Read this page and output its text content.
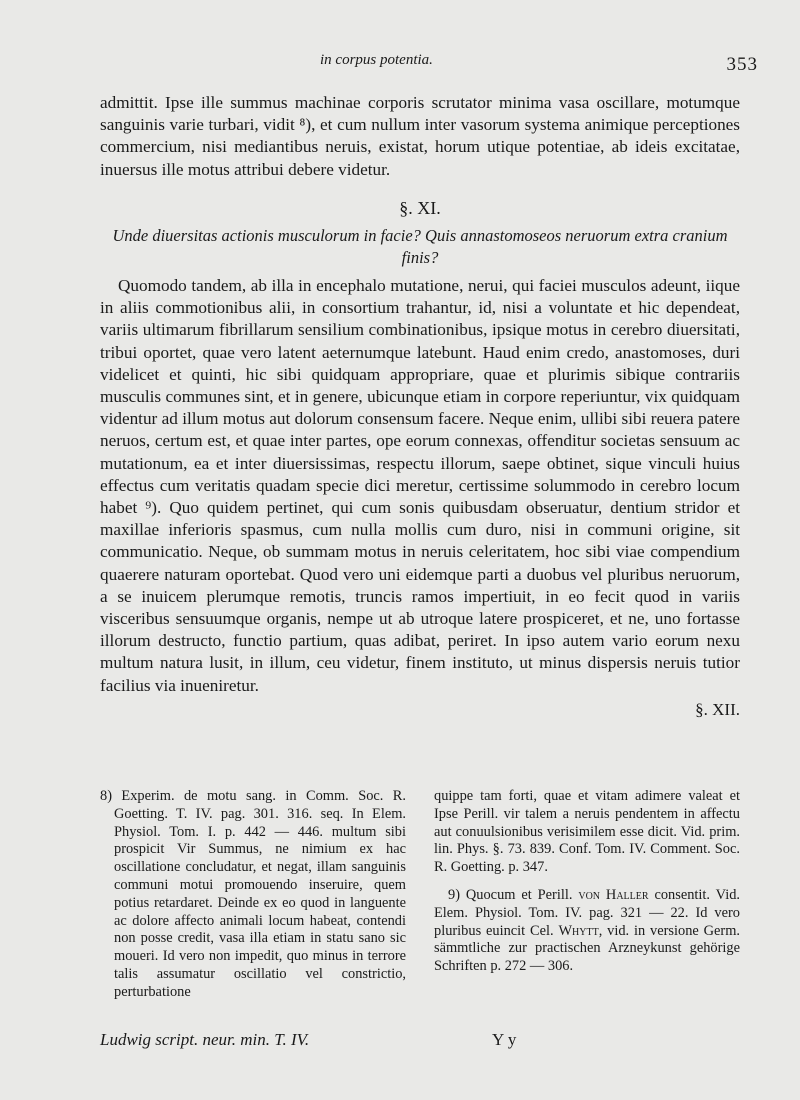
in corpus potentia.	353

admittit. Ipse ille summus machinae corporis scrutator minima vasa oscillare, motumque sanguinis varie turbari, vidit ⁸), et cum nullum inter vasorum systema animique perceptiones commercium, nisi mediantibus neruis, existat, horum utique potentiae, ab ideis excitatae, inuersus ille motus attribui debere videtur.

§. XI.
Unde diuersitas actionis musculorum in facie? Quis annastomoseos neruorum extra cranium finis?

Quomodo tandem, ab illa in encephalo mutatione, nerui, qui faciei musculos adeunt, iique in aliis commotionibus alii, in consortium trahantur, id, nisi a voluntate et hic dependeat, variis ultimarum fibrillarum sensilium combinationibus, ipsique motus in cerebro diuersitati, tribui oportet, quae vero latent aeternumque latebunt. Haud enim credo, anastomoses, duri videlicet et quinti, hic sibi quidquam appropriare, quae et plurimis sibique contrariis musculis communes sint, et in genere, ubicunque etiam in corpore reperiuntur, vix quidquam videntur ad illum motus aut dolorum consensum facere. Neque enim, ullibi sibi reuera patere neruos, certum est, et quae inter partes, ope eorum connexas, offenditur societas sensuum ac mutationum, ea et inter diuersissimas, respectu illorum, saepe obtinet, sique vinculi huius effectus cum veritatis quadam specie dici meretur, certissime solummodo in cerebro locum habet ⁹). Quo quidem pertinet, qui cum sonis quibusdam obseruatur, dentium stridor et maxillae inferioris spasmus, cum nulla mollis cum duro, nisi in communi origine, sit communicatio. Neque, ob summam motus in neruis celeritatem, hoc sibi viae compendium quaerere naturam oportebat. Quod vero uni eidemque parti a duobus vel pluribus neruorum, a se inuicem plerumque remotis, truncis ramos impertiuit, in eo fecit quod in variis visceribus sensuumque organis, nempe ut ab utroque latere prospiceret, et ne, uno fortasse illorum destructo, functio partium, quas adibat, periret. In ipso autem vario eorum nexu multum natura lusit, in illum, ceu videtur, finem instituto, ut minus dispersis neruis tutior facilius via inueniretur.

§. XII.

8) Experim. de motu sang. in Comm. Soc. R. Goetting. T. IV. pag. 301. 316. seq. In Elem. Physiol. Tom. I. p. 442 — 446. multum sibi prospicit Vir Summus, ne nimium ex hac oscillatione concludatur, et negat, illam sanguinis communi motui promouendo inseruire, quem potius retardaret. Deinde ex eo quod in languente ac dolore affecto animali locum habeat, contendi non posse credit, vasa illa etiam in statu sano sic moueri. Id vero non impedit, quo minus in terrore talis assumatur oscillatio vel constrictio, perturbatione

quippe tam forti, quae et vitam adimere valeat et Ipse Perill. vir talem a neruis pendentem in affectu aut conuulsionibus verisimilem esse dicit. Vid. prim. lin. Phys. §. 73. 839. Conf. Tom. IV. Comment. Soc. R. Goetting. p. 347.

9) Quocum et Perill. von Haller consentit. Vid. Elem. Physiol. Tom. IV. pag. 321 — 22. Id vero pluribus euincit Cel. Whytt, vid. in versione Germ. sämmtliche zur practischen Arzneykunst gehörige Schriften p. 272 — 306.

Ludwig script. neur. min. T. IV.	Y y
